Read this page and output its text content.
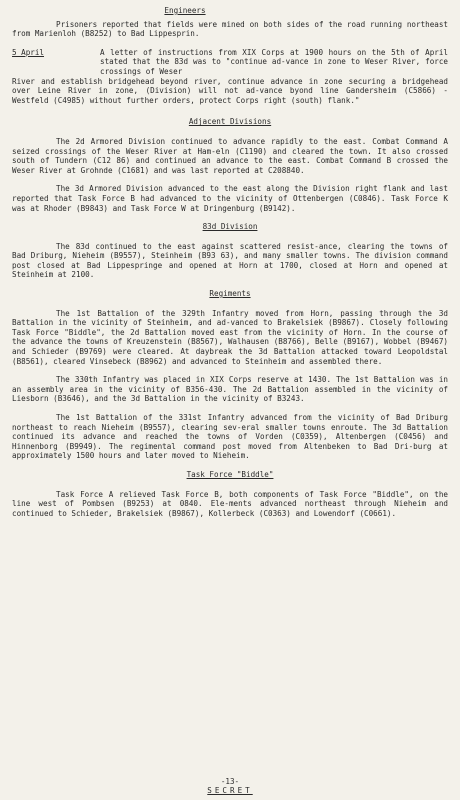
Engineers

Prisoners reported that fields were mined on both sides of the road running northeast from Marienloh (B8252) to Bad Lippesprin.

5 April	A letter of instructions from XIX Corps at 1900 hours on the 5th of April stated that the 83d was to "continue ad-vance in zone to Weser River, force crossings of Weser

River and establish bridgehead beyond river, continue advance in zone securing a bridgehead over Leine River in zone, (Division) will not ad-vance byond line Gandersheim (C5866) - Westfeld (C4985) without further orders, protect Corps right (south) flank."

Adjacent Divisions

The 2d Armored Division continued to advance rapidly to the east. Combat Command A seized crossings of the Weser River at Ham-eln (C1190) and cleared the town. It also crossed south of Tundern (C12 86) and continued an advance to the east. Combat Command B crossed the Weser River at Grohnde (C1681) and was last reported at C208840.

The 3d Armored Division advanced to the east along the Division right flank and last reported that Task Force B had advanced to the vicinity of Ottenbergen (C0846). Task Force K was at Rhoder (B9843) and Task Force W at Dringenburg (B9142).

83d Division

The 83d continued to the east against scattered resist-ance, clearing the towns of Bad Driburg, Nieheim (B9557), Steinheim (B93 63), and many smaller towns. The division command post closed at Bad Lippespringe and opened at Horn at 1700, closed at Horn and opened at Steinheim at 2100.

Regiments

The 1st Battalion of the 329th Infantry moved from Horn, passing through the 3d Battalion in the vicinity of Steinheim, and ad-vanced to Brakelsiek (B9867). Closely following Task Force "Biddle", the 2d Battalion moved east from the vicinity of Horn. In the course of the advance the towns of Kreuzenstein (B8567), Walhausen (B8766), Belle (B9167), Wobbel (B9467) and Schieder (B9769) were cleared. At daybreak the 3d Battalion attacked toward Leopoldstal (B8561), cleared Vinsebeck (B8962) and advanced to Steinheim and assembled there.

The 330th Infantry was placed in XIX Corps reserve at 1430. The 1st Battalion was in an assembly area in the vicinity of B356-430. The 2d Battalion assembled in the vicinity of Liesborn (B3646), and the 3d Battalion in the vicinity of B3243.

The 1st Battalion of the 331st Infantry advanced from the vicinity of Bad Driburg northeast to reach Nieheim (B9557), clearing sev-eral smaller towns enroute. The 3d Battalion continued its advance and reached the towns of Vorden (C0359), Altenbergen (C0456) and Hinnenborg (B9949). The regimental command post moved from Altenbeken to Bad Dri-burg at approximately 1500 hours and later moved to Nieheim.

Task Force "Biddle"

Task Force A relieved Task Force B, both components of Task Force "Biddle", on the line west of Pombsen (B9253) at 0840. Ele-ments advanced northeast through Nieheim and continued to Schieder, Brakelsiek (B9867), Kollerbeck (C0363) and Lowendorf (C0661).

-13-

SECRET
